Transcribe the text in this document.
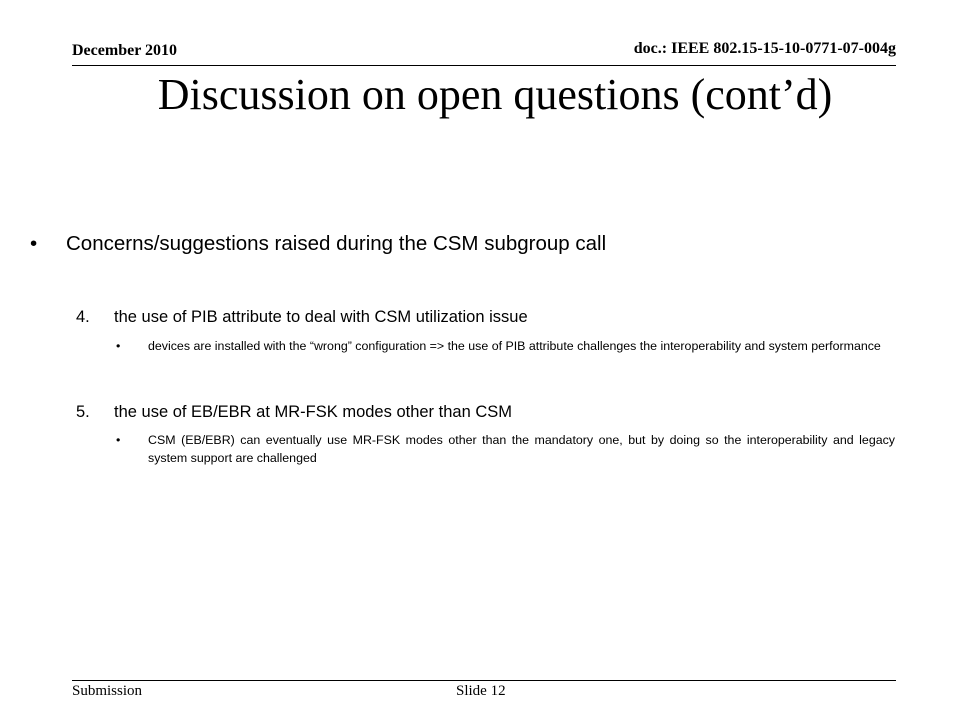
December 2010	doc.: IEEE 802.15-15-10-0771-07-004g
Discussion on open questions (cont’d)
•	Concerns/suggestions raised during the CSM subgroup call
4.	the use of PIB attribute to deal with CSM utilization issue
•	devices are installed with the “wrong” configuration => the use of PIB attribute challenges the interoperability and system performance
5.	the use of EB/EBR at MR-FSK modes other than CSM
•	CSM (EB/EBR) can eventually use MR-FSK modes other than the mandatory one, but by doing so the interoperability and legacy system support are challenged
Submission	Slide 12
